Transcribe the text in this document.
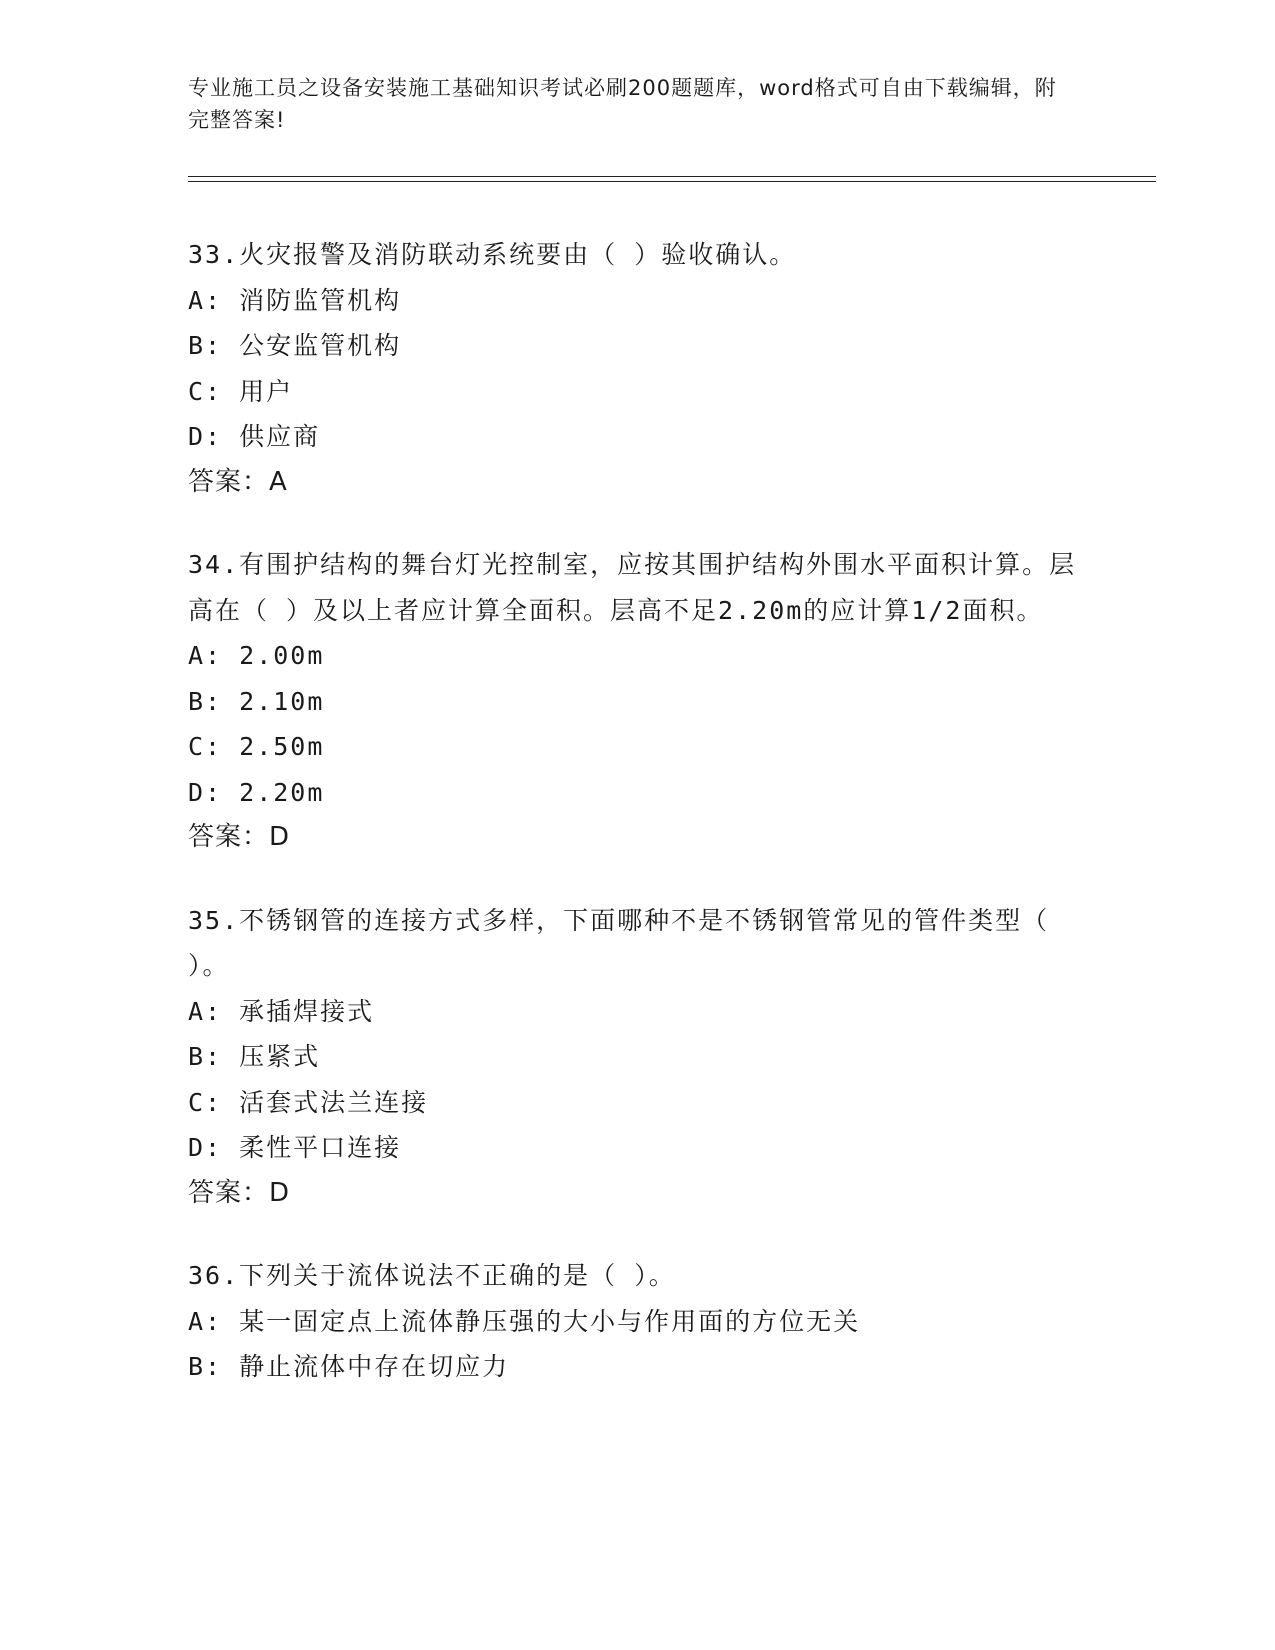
专业施工员之设备安装施工基础知识考试必刷200题题库，word格式可自由下载编辑，附完整答案!
33.火灾报警及消防联动系统要由（ ）验收确认。
A: 消防监管机构
B: 公安监管机构
C: 用户
D: 供应商
答案：A
34.有围护结构的舞台灯光控制室，应按其围护结构外围水平面积计算。层高在（ ）及以上者应计算全面积。层高不足2.20m的应计算1/2面积。
A: 2.00m
B: 2.10m
C: 2.50m
D: 2.20m
答案：D
35.不锈钢管的连接方式多样，下面哪种不是不锈钢管常见的管件类型（ ）。
A: 承插焊接式
B: 压紧式
C: 活套式法兰连接
D: 柔性平口连接
答案：D
36.下列关于流体说法不正确的是（ ）。
A: 某一固定点上流体静压强的大小与作用面的方位无关
B: 静止流体中存在切应力
